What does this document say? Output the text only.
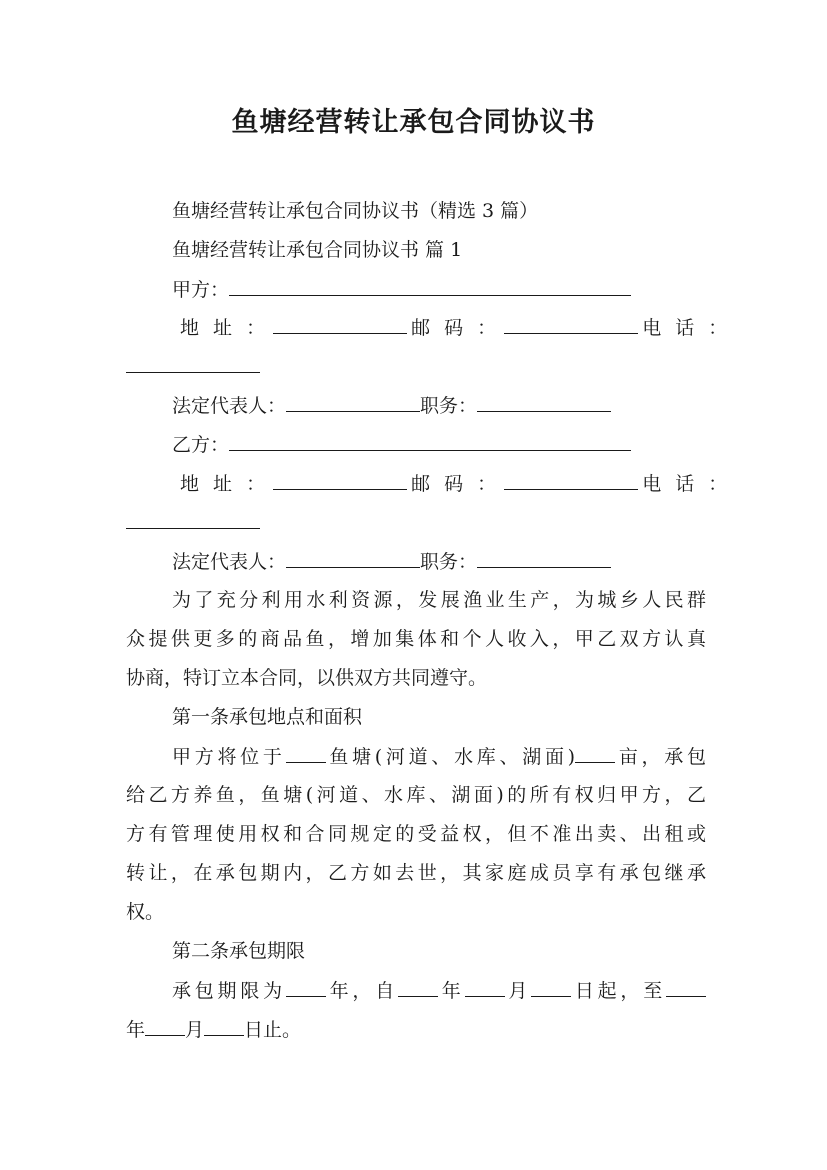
鱼塘经营转让承包合同协议书
鱼塘经营转让承包合同协议书（精选 3 篇）
鱼塘经营转让承包合同协议书 篇 1
甲方：
地 址 ：	邮 码 ：	电 话 ：
法定代表人：	职务：
乙方：
地 址 ：	邮 码 ：	电 话 ：
法定代表人：	职务：
为了充分利用水利资源，发展渔业生产，为城乡人民群
众提供更多的商品鱼，增加集体和个人收入，甲乙双方认真
协商，特订立本合同，以供双方共同遵守。
第一条承包地点和面积
甲方将位于 鱼塘(河道、水库、湖面) 亩，承包
给乙方养鱼，鱼塘(河道、水库、湖面)的所有权归甲方，乙
方有管理使用权和合同规定的受益权，但不准出卖、出租或
转让，在承包期内，乙方如去世，其家庭成员享有承包继承
权。
第二条承包期限
承包期限为 年，自 年 月 日起，至
年 月 日止。
